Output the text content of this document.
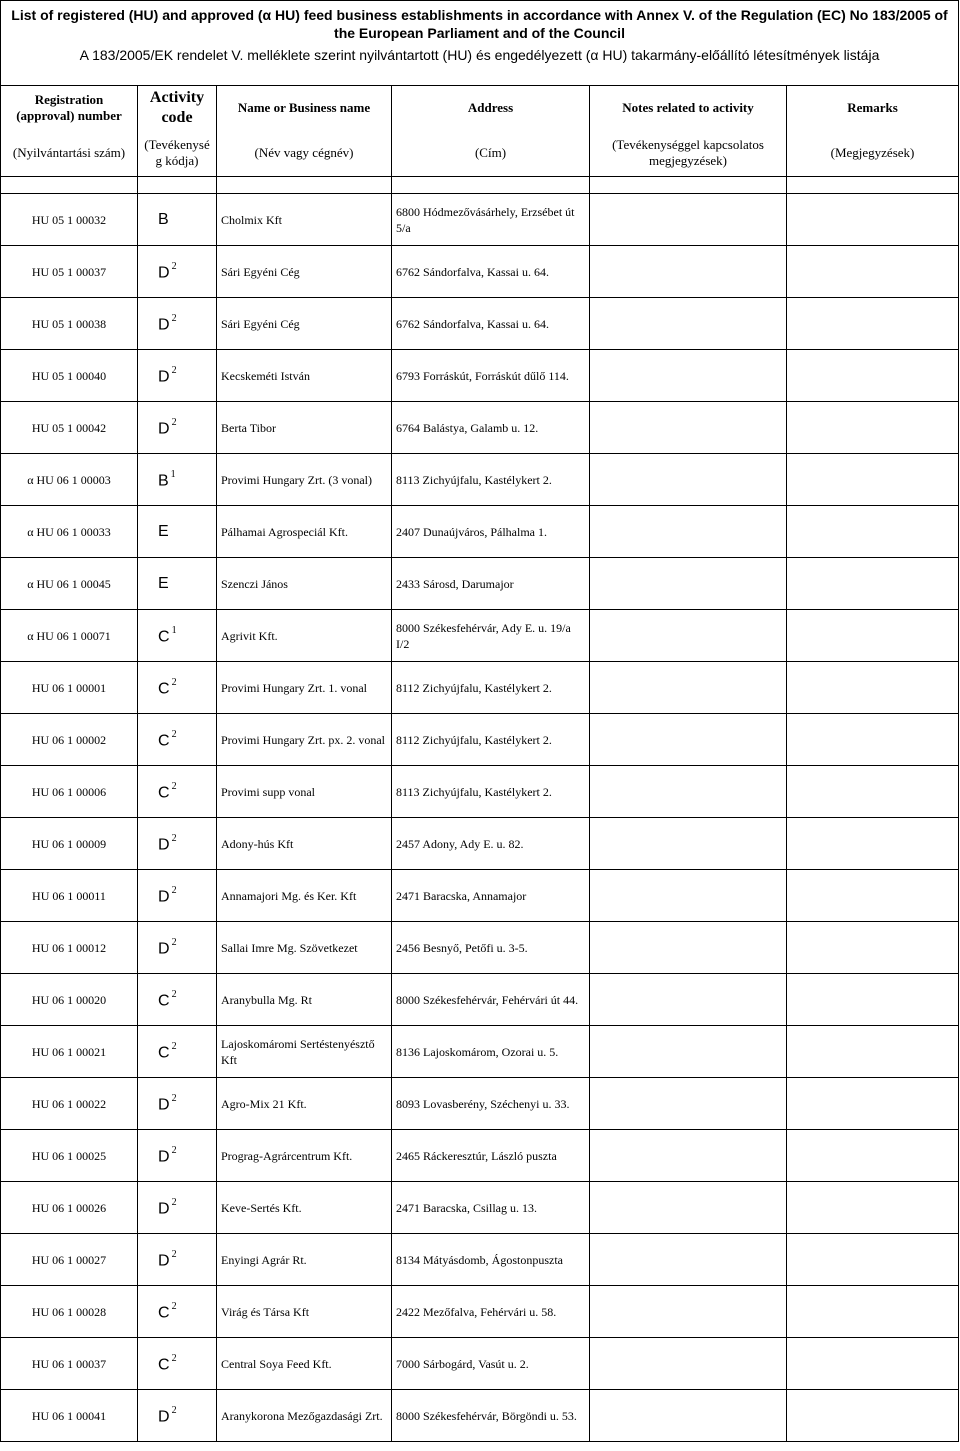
List of registered (HU) and approved (α HU) feed business establishments in accordance with Annex V. of the Regulation (EC) No 183/2005 of the European Parliament and of the Council					
A 183/2005/EK rendelet V. melléklete szerint nyilvántartott (HU) és engedélyezett (α HU) takarmány-előállító létesítmények listája					
Registration (approval) number	Activity code	Name or Business name	Address	Notes related to activity	Remarks
(Nyilvántartási szám)	(Tevékenysé g kódja)	(Név vagy cégnév)	(Cím)	(Tevékenységgel kapcsolatos megjegyzések)	(Megjegyzések)

HU 05 1 00032	B	Cholmix Kft	6800 Hódmezővásárhely, Erzsébet út 5/a		
HU 05 1 00037	D $^2$	Sári Egyéni Cég	6762 Sándorfalva, Kassai u. 64.		
HU 05 1 00038	D $^2$	Sári Egyéni Cég	6762 Sándorfalva, Kassai u. 64.		
HU 05 1 00040	D $^2$	Kecskeméti István	6793 Forráskút, Forráskút dűlő 114.		
HU 05 1 00042	D $^2$	Berta Tibor	6764 Balástya, Galamb u. 12.		
α HU 06 1 00003	B $^1$	Provimi Hungary Zrt. (3 vonal)	8113 Zichyújfalu, Kastélykert 2.		
α HU 06 1 00033	E	Pálhamai Agrospeciál Kft.	2407 Dunaújváros, Pálhalma 1.		
α HU 06 1 00045	E	Szenczi János	2433 Sárosd, Darumajor		
α HU 06 1 00071	C $^1$	Agrivit Kft.	8000 Székesfehérvár, Ady E. u. 19/a I/2		
HU 06 1 00001	C $^2$	Provimi Hungary Zrt. 1. vonal	8112 Zichyújfalu, Kastélykert 2.		
HU 06 1 00002	C $^2$	Provimi Hungary Zrt. px. 2. vonal	8112 Zichyújfalu, Kastélykert 2.		
HU 06 1 00006	C $^2$	Provimi supp vonal	8113 Zichyújfalu, Kastélykert 2.		
HU 06 1 00009	D $^2$	Adony-hús Kft	2457 Adony, Ady E. u. 82.		
HU 06 1 00011	D $^2$	Annamajori Mg. és Ker. Kft	2471 Baracska, Annamajor		
HU 06 1 00012	D $^2$	Sallai Imre Mg. Szövetkezet	2456 Besnyő, Petőfi u. 3-5.		
HU 06 1 00020	C $^2$	Aranybulla Mg. Rt	8000 Székesfehérvár, Fehérvári út 44.		
HU 06 1 00021	C $^2$	Lajoskomáromi Sertéstenyésztő Kft	8136 Lajoskomárom, Ozorai u. 5.		
HU 06 1 00022	D $^2$	Agro-Mix 21 Kft.	8093 Lovasberény, Széchenyi u. 33.		
HU 06 1 00025	D $^2$	Prograg-Agrárcentrum Kft.	2465 Ráckeresztúr, László puszta		
HU 06 1 00026	D $^2$	Keve-Sertés Kft.	2471 Baracska, Csillag u. 13.		
HU 06 1 00027	D $^2$	Enyingi Agrár Rt.	8134 Mátyásdomb, Ágostonpuszta		
HU 06 1 00028	C $^2$	Virág és Társa Kft	2422 Mezőfalva, Fehérvári u. 58.		
HU 06 1 00037	C $^2$	Central Soya Feed Kft.	7000 Sárbogárd, Vasút u. 2.		
HU 06 1 00041	D $^2$	Aranykorona Mezőgazdasági Zrt.	8000 Székesfehérvár, Börgöndi u. 53.		
